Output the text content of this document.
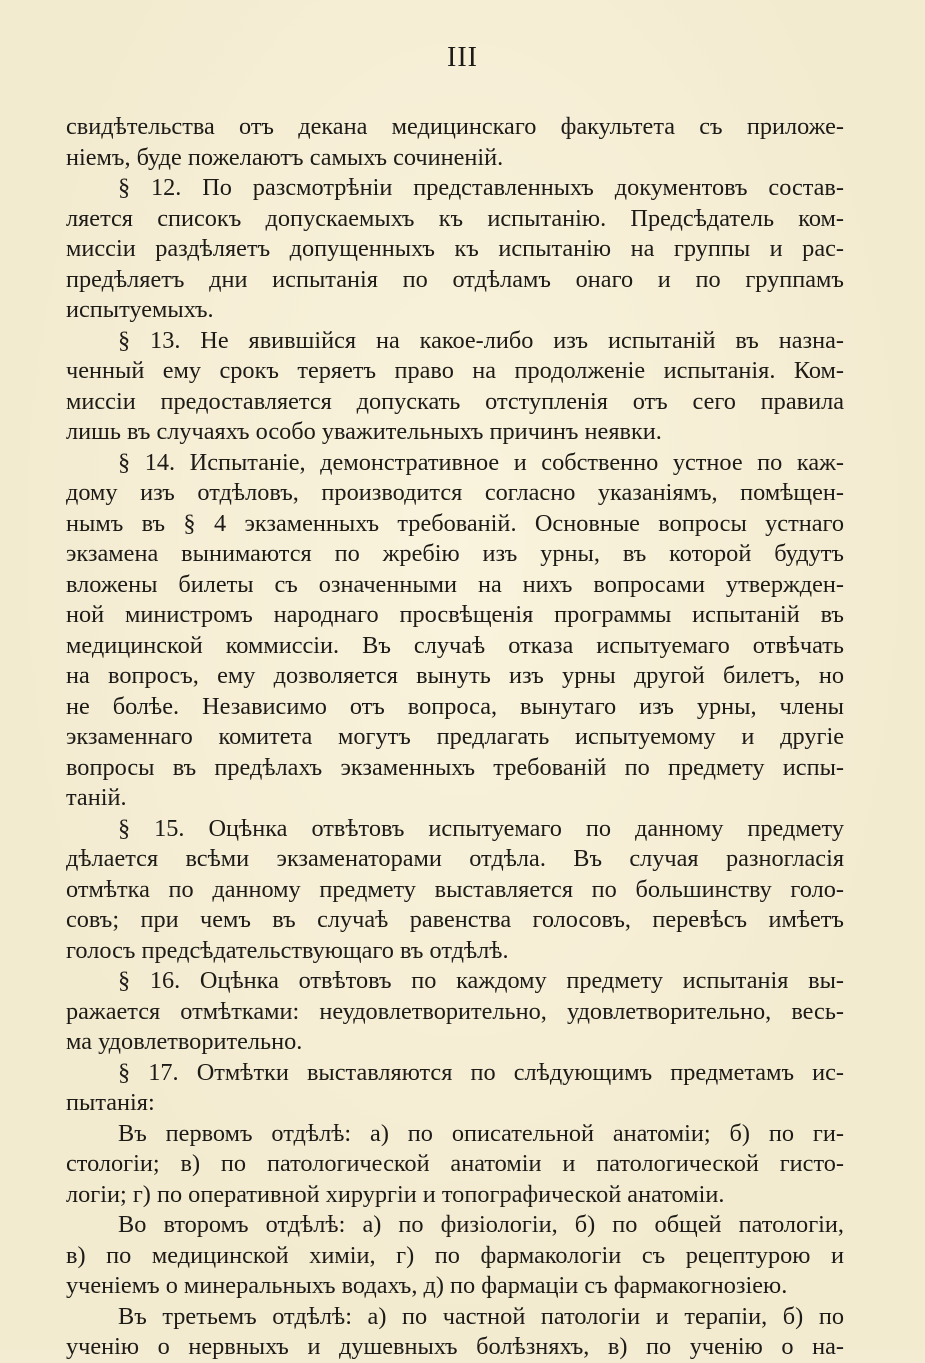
III
свидѣтельства отъ декана медицинскаго факультета съ приложе-
ніемъ, буде пожелаютъ самыхъ сочиненій.
§ 12. По разсмотрѣніи представленныхъ документовъ состав-
ляется списокъ допускаемыхъ къ испытанію. Предсѣдатель ком-
миссіи раздѣляетъ допущенныхъ къ испытанію на группы и рас-
предѣляетъ дни испытанія по отдѣламъ онаго и по группамъ
испытуемыхъ.
§ 13. Не явившійся на какое-либо изъ испытаній въ назна-
ченный ему срокъ теряетъ право на продолженіе испытанія. Ком-
миссіи предоставляется допускать отступленія отъ сего правила
лишь въ случаяхъ особо уважительныхъ причинъ неявки.
§ 14. Испытаніе, демонстративное и собственно устное по каж-
дому изъ отдѣловъ, производится согласно указаніямъ, помѣщен-
нымъ въ § 4 экзаменныхъ требованій. Основные вопросы устнаго
экзамена вынимаются по жребію изъ урны, въ которой будутъ
вложены билеты съ означенными на нихъ вопросами утвержден-
ной министромъ народнаго просвѣщенія программы испытаній въ
медицинской коммиссіи. Въ случаѣ отказа испытуемаго отвѣчать
на вопросъ, ему дозволяется вынуть изъ урны другой билетъ, но
не болѣе. Независимо отъ вопроса, вынутаго изъ урны, члены
экзаменнаго комитета могутъ предлагать испытуемому и другіе
вопросы въ предѣлахъ экзаменныхъ требованій по предмету испы-
таній.
§ 15. Оцѣнка отвѣтовъ испытуемаго по данному предмету
дѣлается всѣми экзаменаторами отдѣла. Въ случая разногласія
отмѣтка по данному предмету выставляется по большинству голо-
совъ; при чемъ въ случаѣ равенства голосовъ, перевѣсъ имѣетъ
голосъ предсѣдательствующаго въ отдѣлѣ.
§ 16. Оцѣнка отвѣтовъ по каждому предмету испытанія вы-
ражается отмѣтками: неудовлетворительно, удовлетворительно, весь-
ма удовлетворительно.
§ 17. Отмѣтки выставляются по слѣдующимъ предметамъ ис-
пытанія:
Въ первомъ отдѣлѣ: а) по описательной анатоміи; б) по ги-
стологіи; в) по патологической анатоміи и патологической гисто-
логіи; г) по оперативной хирургіи и топографической анатоміи.
Во второмъ отдѣлѣ: а) по физіологіи, б) по общей патологіи,
в) по медицинской химіи, г) по фармакологіи съ рецептурою и
ученіемъ о минеральныхъ водахъ, д) по фармаціи съ фармакогнозіею.
Въ третьемъ отдѣлѣ: а) по частной патологіи и терапіи, б) по
ученію о нервныхъ и душевныхъ болѣзняхъ, в) по ученію о на-
